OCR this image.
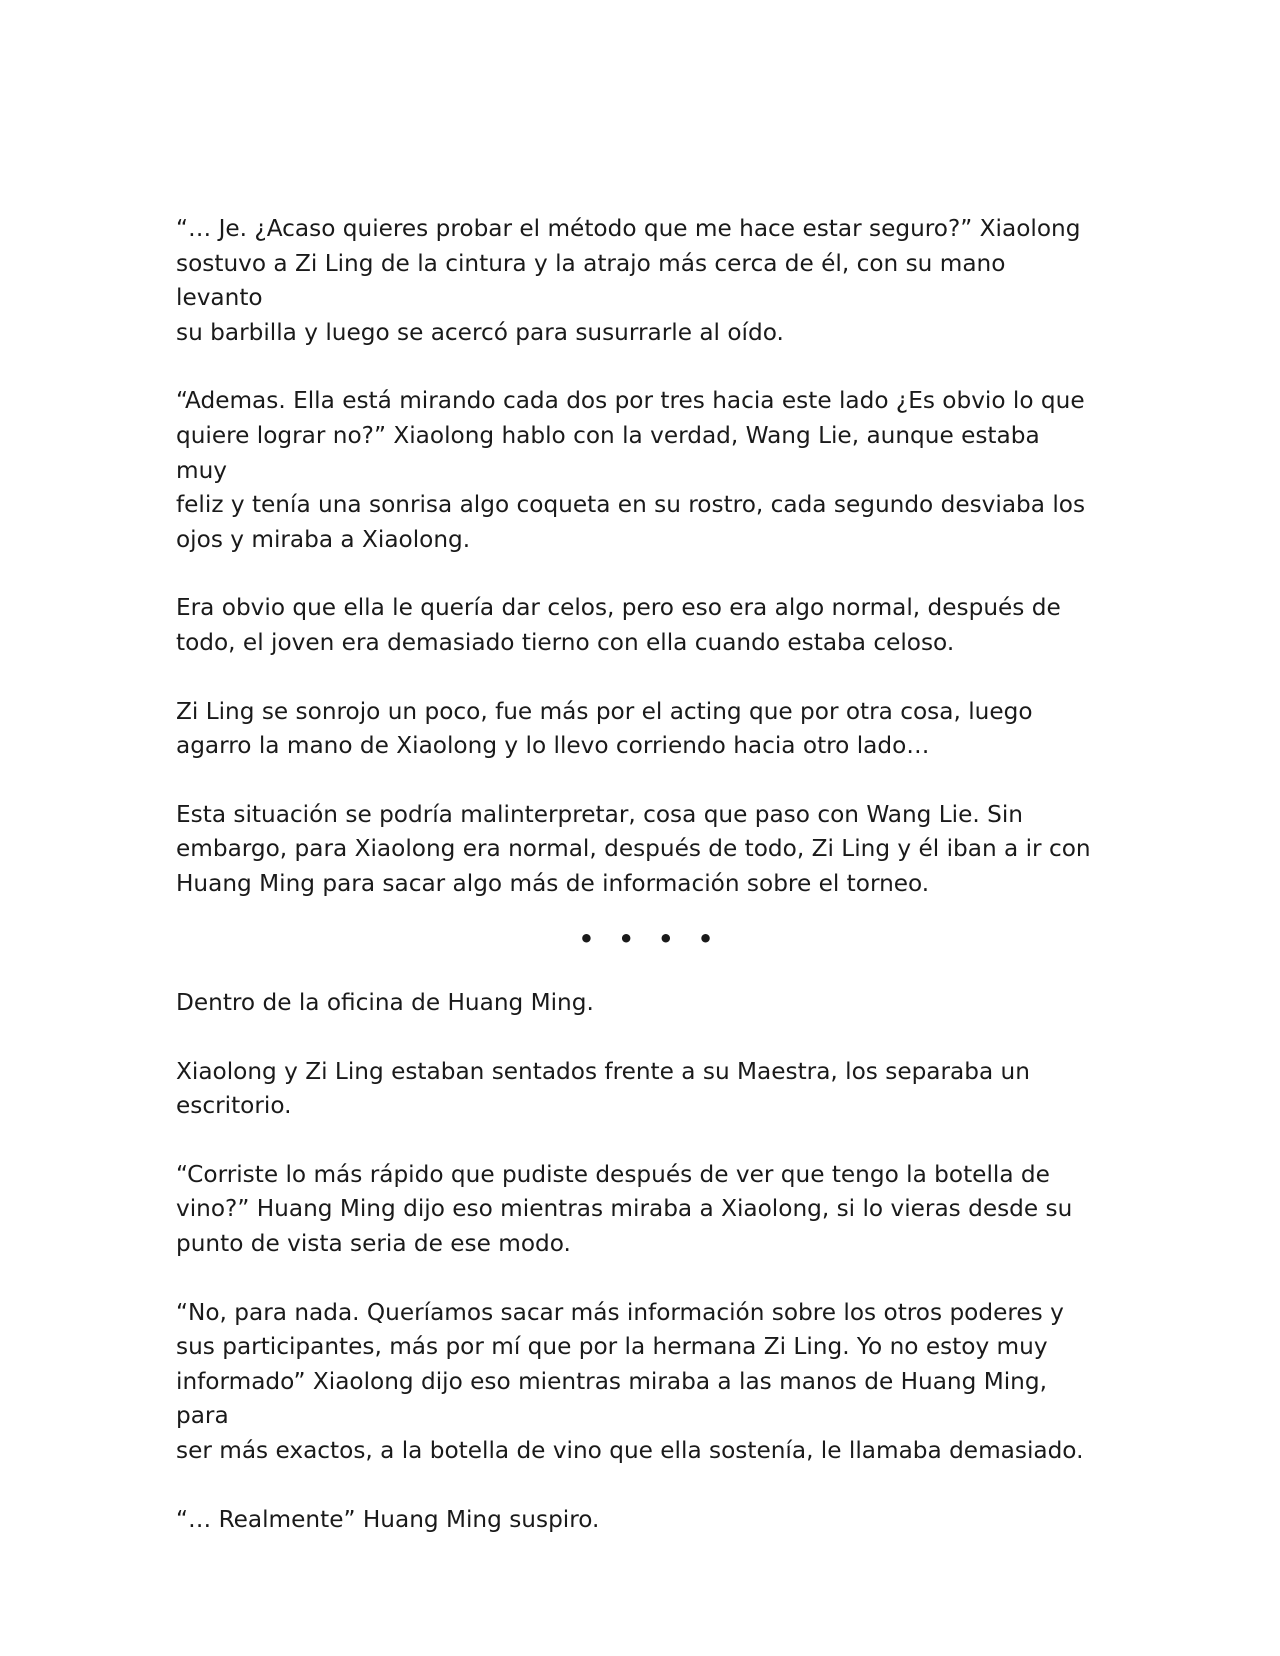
“… Je. ¿Acaso quieres probar el método que me hace estar seguro?” Xiaolong
sostuvo a Zi Ling de la cintura y la atrajo más cerca de él, con su mano levanto
su barbilla y luego se acercó para susurrarle al oído.

“Ademas. Ella está mirando cada dos por tres hacia este lado ¿Es obvio lo que
quiere lograr no?” Xiaolong hablo con la verdad, Wang Lie, aunque estaba muy
feliz y tenía una sonrisa algo coqueta en su rostro, cada segundo desviaba los
ojos y miraba a Xiaolong.

Era obvio que ella le quería dar celos, pero eso era algo normal, después de
todo, el joven era demasiado tierno con ella cuando estaba celoso.

Zi Ling se sonrojo un poco, fue más por el acting que por otra cosa, luego
agarro la mano de Xiaolong y lo llevo corriendo hacia otro lado…

Esta situación se podría malinterpretar, cosa que paso con Wang Lie. Sin
embargo, para Xiaolong era normal, después de todo, Zi Ling y él iban a ir con
Huang Ming para sacar algo más de información sobre el torneo.

• • • •

Dentro de la oficina de Huang Ming.

Xiaolong y Zi Ling estaban sentados frente a su Maestra, los separaba un
escritorio.

“Corriste lo más rápido que pudiste después de ver que tengo la botella de
vino?” Huang Ming dijo eso mientras miraba a Xiaolong, si lo vieras desde su
punto de vista seria de ese modo.

“No, para nada. Queríamos sacar más información sobre los otros poderes y
sus participantes, más por mí que por la hermana Zi Ling. Yo no estoy muy
informado” Xiaolong dijo eso mientras miraba a las manos de Huang Ming, para
ser más exactos, a la botella de vino que ella sostenía, le llamaba demasiado.

“… Realmente” Huang Ming suspiro.
